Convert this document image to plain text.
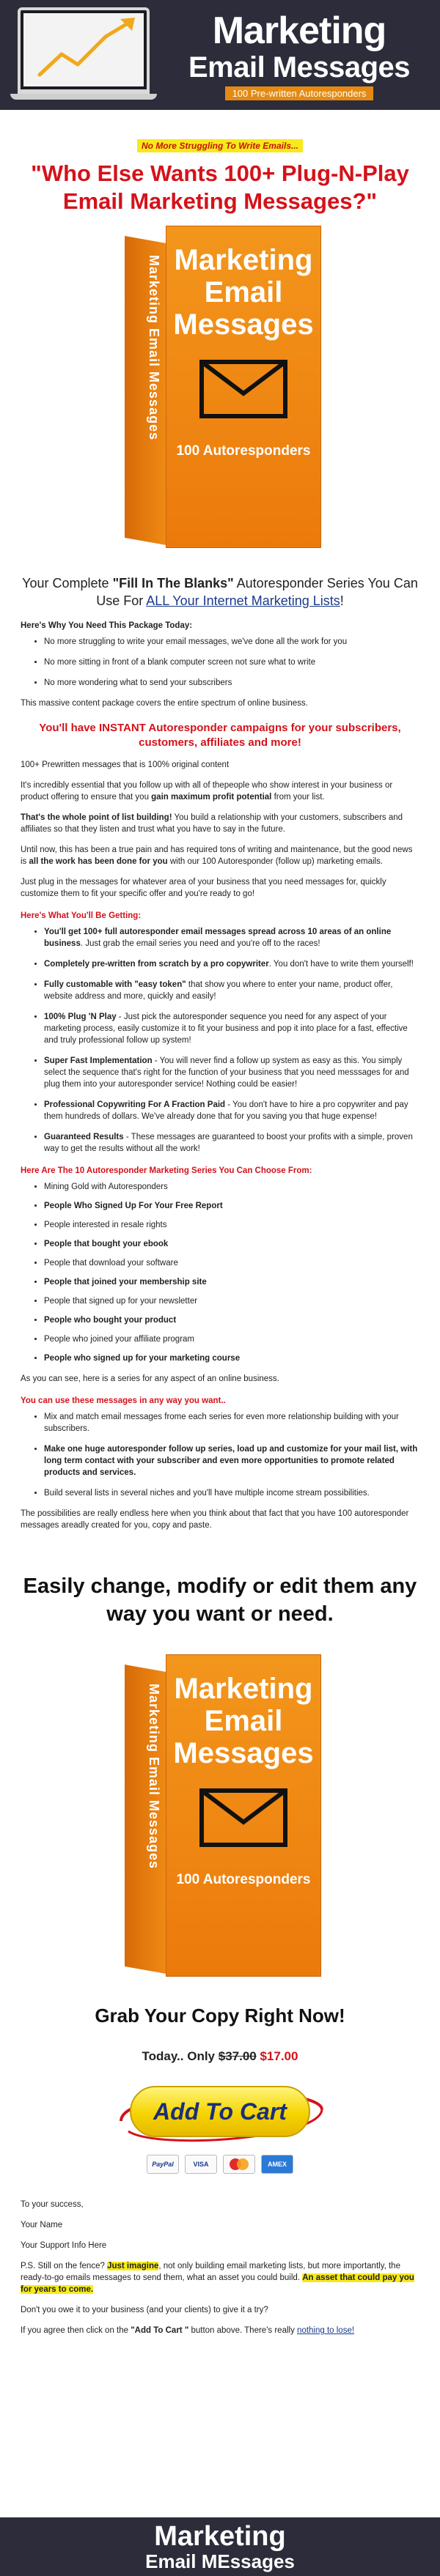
Marketing
Email Messages
100 Pre-written Autoresponders
No More Struggling To Write Emails...
"Who Else Wants 100+ Plug-N-Play Email Marketing Messages?"
Marketing Email Messages Marketing
Email
Messages
100 Autoresponders
Your Complete "Fill In The Blanks" Autoresponder Series You Can Use For ALL Your Internet Marketing Lists!
Here's Why You Need This Package Today:
• No more struggling to write your email messages, we've done all the work for you
• No more sitting in front of a blank computer screen not sure what to write
• No more wondering what to send your subscribers
This massive content package covers the entire spectrum of online business.
You'll have INSTANT Autoresponder campaigns for your subscribers, customers, affiliates and more!
100+ Prewritten messages that is 100% original content
It's incredibly essential that you follow up with all of thepeople who show interest in your business or product offering to ensure that you gain maximum profit potential from your list.
That's the whole point of list building! You build a relationship with your customers, subscribers and affiliates so that they listen and trust what you have to say in the future.
Until now, this has been a true pain and has required tons of writing and maintenance, but the good news is all the work has been done for you with our 100 Autoresponder (follow up) marketing emails.
Just plug in the messages for whatever area of your business that you need messages for, quickly customize them to fit your specific offer and you're ready to go!
Here's What You'll Be Getting:
• You'll get 100+ full autoresponder email messages spread across 10 areas of an online business. Just grab the email series you need and you're off to the races!
• Completely pre-written from scratch by a pro copywriter. You don't have to write them yourself!
• Fully customable with "easy token" that show you where to enter your name, product offer, website address and more, quickly and easily!
• 100% Plug 'N Play - Just pick the autoresponder sequence you need for any aspect of your marketing process, easily customize it to fit your business and pop it into place for a fast, effective and truly professional follow up system!
• Super Fast Implementation - You will never find a follow up system as easy as this. You simply select the sequence that's right for the function of your business that you need messsages for and plug them into your autoresponder service! Nothing could be easier!
• Professional Copywriting For A Fraction Paid - You don't have to hire a pro copywriter and pay them hundreds of dollars. We've already done that for you saving you that huge expense!
• Guaranteed Results - These messages are guaranteed to boost your profits with a simple, proven way to get the results without all the work!
Here Are The 10 Autoresponder Marketing Series You Can Choose From:
• Mining Gold with Autoresponders
• People Who Signed Up For Your Free Report
• People interested in resale rights
• People that bought your ebook
• People that download your software
• People that joined your membership site
• People that signed up for your newsletter
• People who bought your product
• People who joined your affiliate program
• People who signed up for your marketing course
As you can see, here is a series for any aspect of an online business.
You can use these messages in any way you want..
• Mix and match email messages frome each series for even more relationship building with your subscribers.
• Make one huge autoresponder follow up series, load up and customize for your mail list, with long term contact with your subscriber and even more opportunities to promote related products and services.
• Build several lists in several niches and you'll have multiple income stream possibilities.
The possibilities are really endless here when you think about that fact that you have 100 autoresponder messages areadly created for you, copy and paste.
Easily change, modify or edit them any way you want or need.
Marketing Email Messages Marketing
Email
Messages
100 Autoresponders
Grab Your Copy Right Now!
Today.. Only $37.00 $17.00
Add To Cart
PayPal	VISA	AMEX
To your success,
Your Name
Your Support Info Here
P.S. Still on the fence? Just imagine, not only building email marketing lists, but more importantly, the ready-to-go emails messages to send them, what an asset you could build. An asset that could pay you for years to come.
Don't you owe it to your business (and your clients) to give it a try?
If you agree then click on the "Add To Cart " button above. There's really nothing to lose!
Marketing
Email MEssages
